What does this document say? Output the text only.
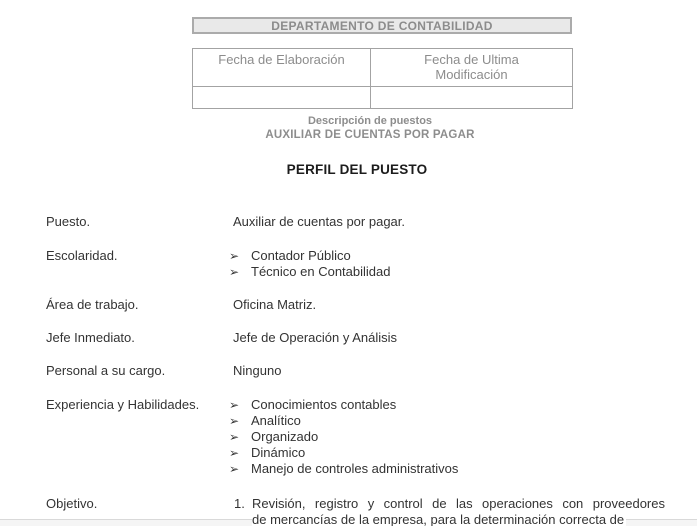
DEPARTAMENTO DE CONTABILIDAD
Fecha de Elaboración	Fecha de Ultima Modificación

Descripción de puestos
AUXILIAR DE CUENTAS POR PAGAR
PERFIL DEL PUESTO
Puesto.	Auxiliar de cuentas por pagar.
Escolaridad.	➢ Contador Público
➢ Técnico en Contabilidad
Área de trabajo.	Oficina Matriz.
Jefe Inmediato.	Jefe de Operación y Análisis
Personal a su cargo.	Ninguno
Experiencia y Habilidades. ➢ Conocimientos contables
➢ Analítico
➢ Organizado
➢ Dinámico
➢ Manejo de controles administrativos
Objetivo.	1. Revisión, registro y control de las operaciones con proveedores
de mercancías de la empresa, para la determinación correcta de
